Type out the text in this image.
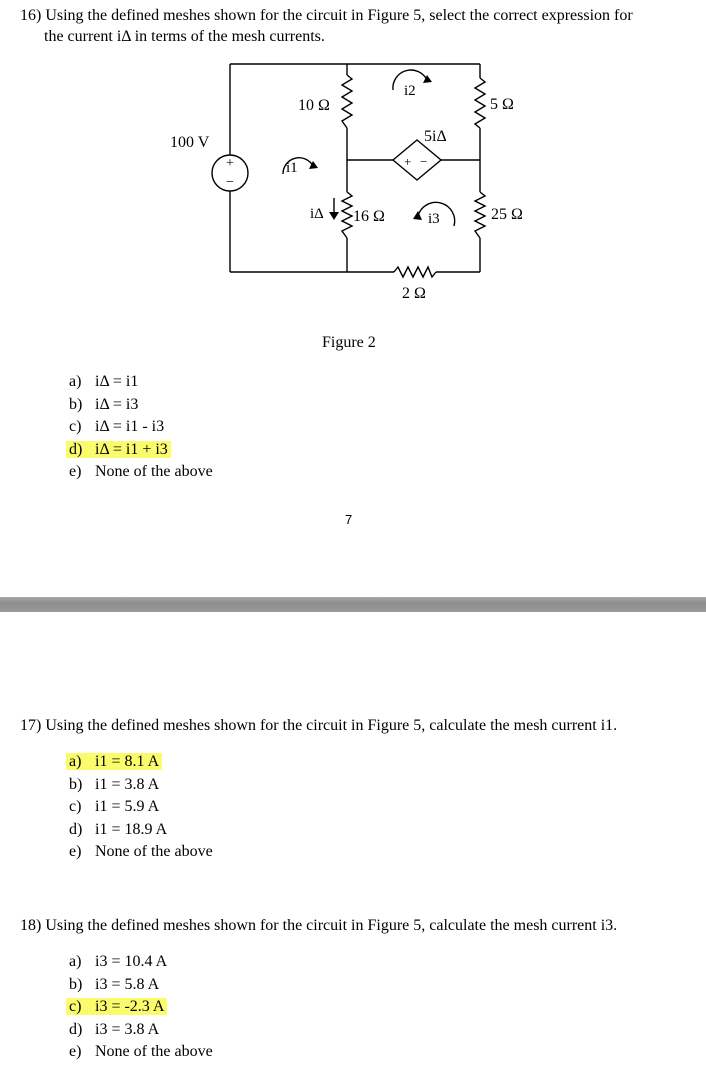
16) Using the defined meshes shown for the circuit in Figure 5, select the correct expression for
the current iΔ in terms of the mesh currents.
100 V
+
−
10 Ω	5 Ω
16 Ω	25 Ω
2 Ω
5iΔ
+ −
i1
i2
i3
iΔ
Figure 2
a) iΔ = i1
b) iΔ = i3
c) iΔ = i1 - i3
d) iΔ = i1 + i3
e) None of the above
7
17) Using the defined meshes shown for the circuit in Figure 5, calculate the mesh current i1.
a) i1 = 8.1 A
b) i1 = 3.8 A
c) i1 = 5.9 A
d) i1 = 18.9 A
e) None of the above
18) Using the defined meshes shown for the circuit in Figure 5, calculate the mesh current i3.
a) i3 = 10.4 A
b) i3 = 5.8 A
c) i3 = -2.3 A
d) i3 = 3.8 A
e) None of the above
